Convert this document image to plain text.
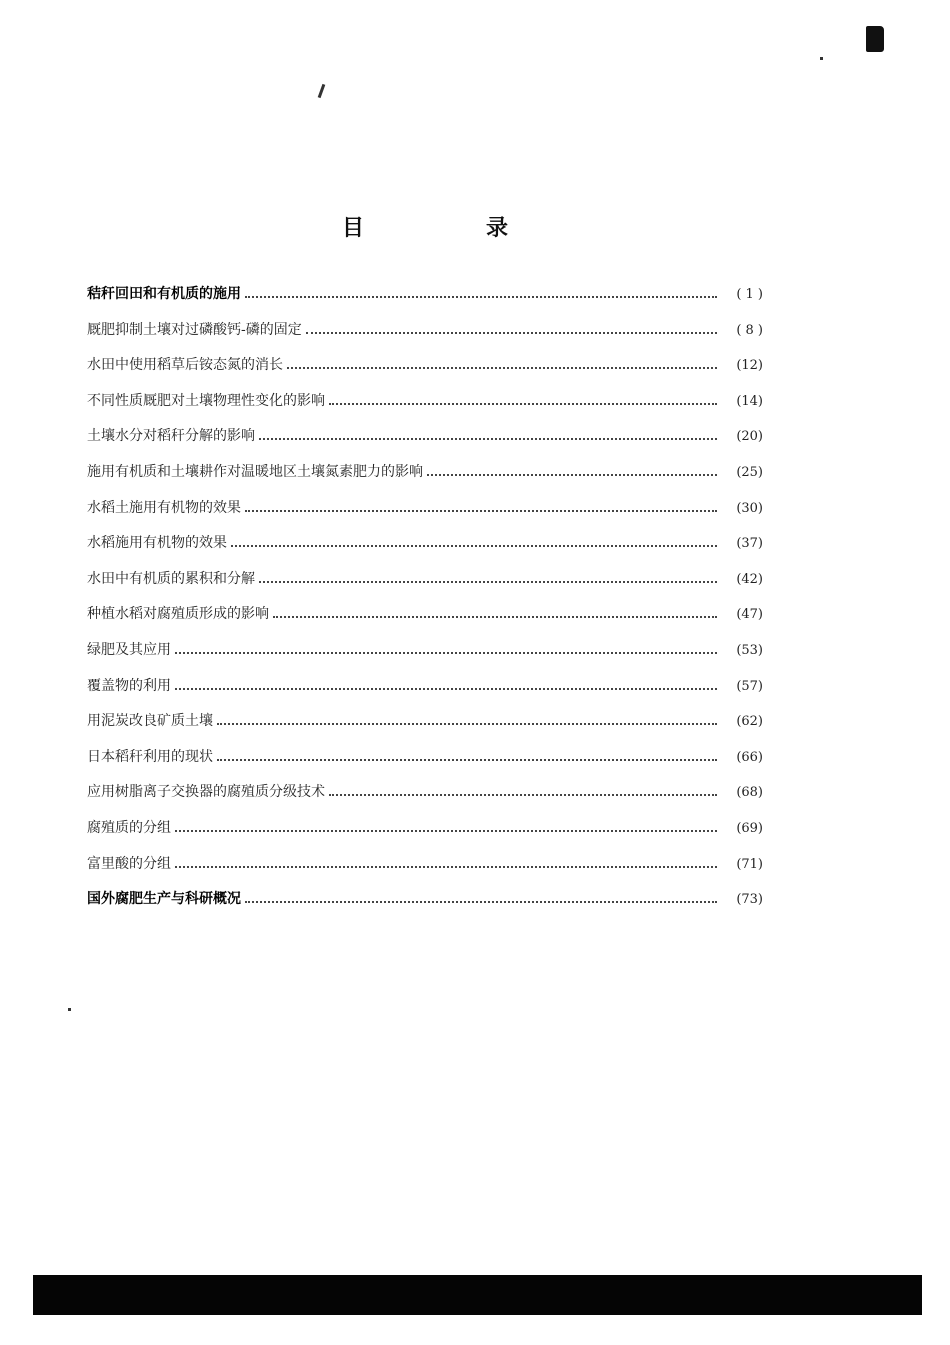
目　录
秸秆回田和有机质的施用	( 1 )
厩肥抑制土壤对过磷酸钙-磷的固定	( 8 )
水田中使用稻草后铵态氮的消长	(12)
不同性质厩肥对土壤物理性变化的影响	(14)
土壤水分对稻秆分解的影响	(20)
施用有机质和土壤耕作对温暖地区土壤氮素肥力的影响	(25)
水稻土施用有机物的效果	(30)
水稻施用有机物的效果	(37)
水田中有机质的累积和分解	(42)
种植水稻对腐殖质形成的影响	(47)
绿肥及其应用	(53)
覆盖物的利用	(57)
用泥炭改良矿质土壤	(62)
日本稻秆利用的现状	(66)
应用树脂离子交换器的腐殖质分级技术	(68)
腐殖质的分组	(69)
富里酸的分组	(71)
国外腐肥生产与科研概况	(73)
